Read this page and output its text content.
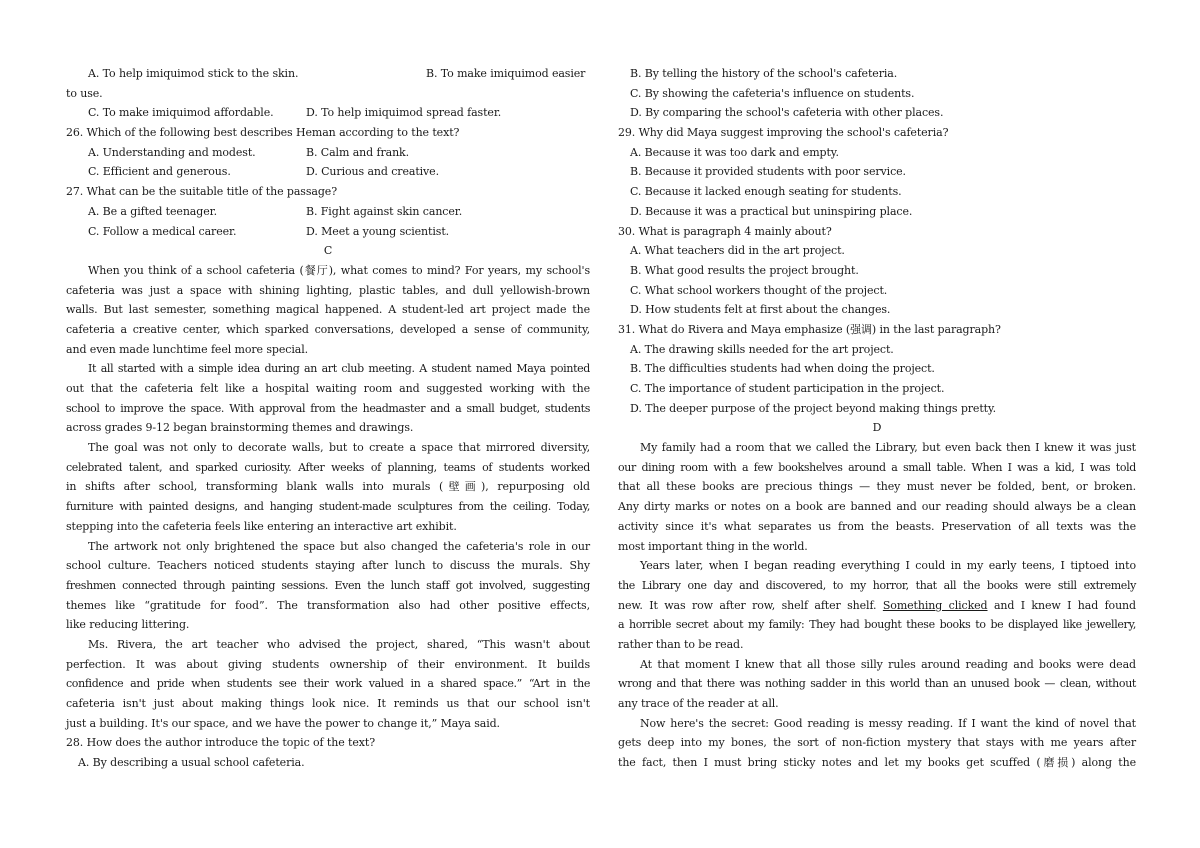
A. To help imiquimod stick to the skin.	B. To make imiquimod easier
to use.
C. To make imiquimod affordable.	D. To help imiquimod spread faster.
26. Which of the following best describes Heman according to the text?
A. Understanding and modest.	B. Calm and frank.
C. Efficient and generous.	D. Curious and creative.
27. What can be the suitable title of the passage?
A. Be a gifted teenager.	B. Fight against skin cancer.
C. Follow a medical career.	D. Meet a young scientist.
C
When you think of a school cafeteria (餐厅), what comes to mind? For years, my school's
cafeteria was just a space with shining lighting, plastic tables, and dull yellowish-brown
walls. But last semester, something magical happened. A student-led art project made the
cafeteria a creative center, which sparked conversations, developed a sense of community,
and even made lunchtime feel more special.
It all started with a simple idea during an art club meeting. A student named Maya pointed
out that the cafeteria felt like a hospital waiting room and suggested working with the
school to improve the space. With approval from the headmaster and a small budget, students
across grades 9-12 began brainstorming themes and drawings.
The goal was not only to decorate walls, but to create a space that mirrored diversity,
celebrated talent, and sparked curiosity. After weeks of planning, teams of students worked
in shifts after school, transforming blank walls into murals (壁画), repurposing old
furniture with painted designs, and hanging student-made sculptures from the ceiling. Today,
stepping into the cafeteria feels like entering an interactive art exhibit.
The artwork not only brightened the space but also changed the cafeteria's role in our
school culture. Teachers noticed students staying after lunch to discuss the murals. Shy
freshmen connected through painting sessions. Even the lunch staff got involved, suggesting
themes like “gratitude for food”. The transformation also had other positive effects,
like reducing littering.
Ms. Rivera, the art teacher who advised the project, shared, “This wasn't about
perfection. It was about giving students ownership of their environment. It builds
confidence and pride when students see their work valued in a shared space.” “Art in the
cafeteria isn't just about making things look nice. It reminds us that our school isn't
just a building. It's our space, and we have the power to change it,” Maya said.
28. How does the author introduce the topic of the text?
A. By describing a usual school cafeteria.
B. By telling the history of the school's cafeteria.
C. By showing the cafeteria's influence on students.
D. By comparing the school's cafeteria with other places.
29. Why did Maya suggest improving the school's cafeteria?
A. Because it was too dark and empty.
B. Because it provided students with poor service.
C. Because it lacked enough seating for students.
D. Because it was a practical but uninspiring place.
30. What is paragraph 4 mainly about?
A. What teachers did in the art project.
B. What good results the project brought.
C. What school workers thought of the project.
D. How students felt at first about the changes.
31. What do Rivera and Maya emphasize (强调) in the last paragraph?
A. The drawing skills needed for the art project.
B. The difficulties students had when doing the project.
C. The importance of student participation in the project.
D. The deeper purpose of the project beyond making things pretty.
D
My family had a room that we called the Library, but even back then I knew it was just
our dining room with a few bookshelves around a small table. When I was a kid, I was told
that all these books are precious things — they must never be folded, bent, or broken.
Any dirty marks or notes on a book are banned and our reading should always be a clean
activity since it's what separates us from the beasts. Preservation of all texts was the
most important thing in the world.
Years later, when I began reading everything I could in my early teens, I tiptoed into
the Library one day and discovered, to my horror, that all the books were still extremely
new. It was row after row, shelf after shelf. Something clicked and I knew I had found
a horrible secret about my family: They had bought these books to be displayed like jewellery,
rather than to be read.
At that moment I knew that all those silly rules around reading and books were dead
wrong and that there was nothing sadder in this world than an unused book — clean, without
any trace of the reader at all.
Now here's the secret: Good reading is messy reading. If I want the kind of novel that
gets deep into my bones, the sort of non-fiction mystery that stays with me years after
the fact, then I must bring sticky notes and let my books get scuffed (磨损) along the
